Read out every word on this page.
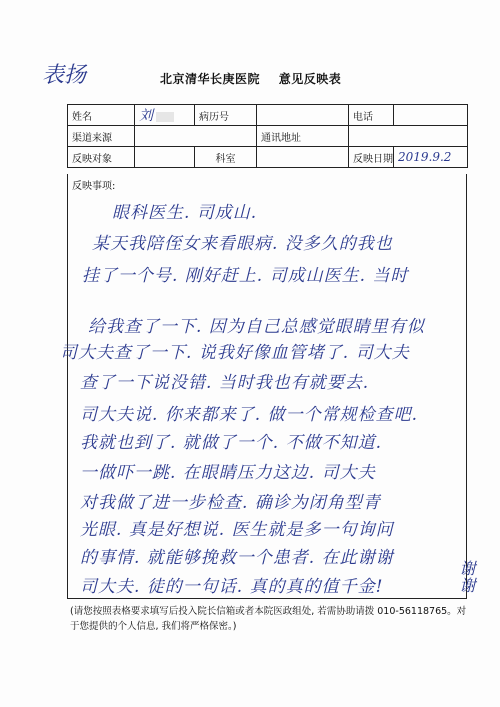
表扬	北京清华长庚医院 意见反映表
姓名	刘	病历号		电话	
渠道来源			通讯地址		
反映对象		科室		反映日期	2019.9.2
反映事项:
眼科医生. 司成山.
某天我陪侄女来看眼病. 没多久的我也
挂了一个号. 刚好赶上. 司成山医生. 当时
给我查了一下. 因为自己总感觉眼睛里有似
司大夫查了一下. 说我好像血管堵了. 司大夫
查了一下说没错. 当时我也有就要去.
司大夫说. 你来都来了. 做一个常规检查吧.
我就也到了. 就做了一个. 不做不知道.
一做吓一跳. 在眼睛压力这边. 司大夫
对我做了进一步检查. 确诊为闭角型青
光眼. 真是好想说. 医生就是多一句询问
的事情. 就能够挽救一个患者. 在此谢谢
司大夫. 徒的一句话. 真的真的值千金!	谢谢
(请您按照表格要求填写后投入院长信箱或者本院医政组处, 若需协助请拨 010-56118765。对于您提供的个人信息, 我们将严格保密。)
